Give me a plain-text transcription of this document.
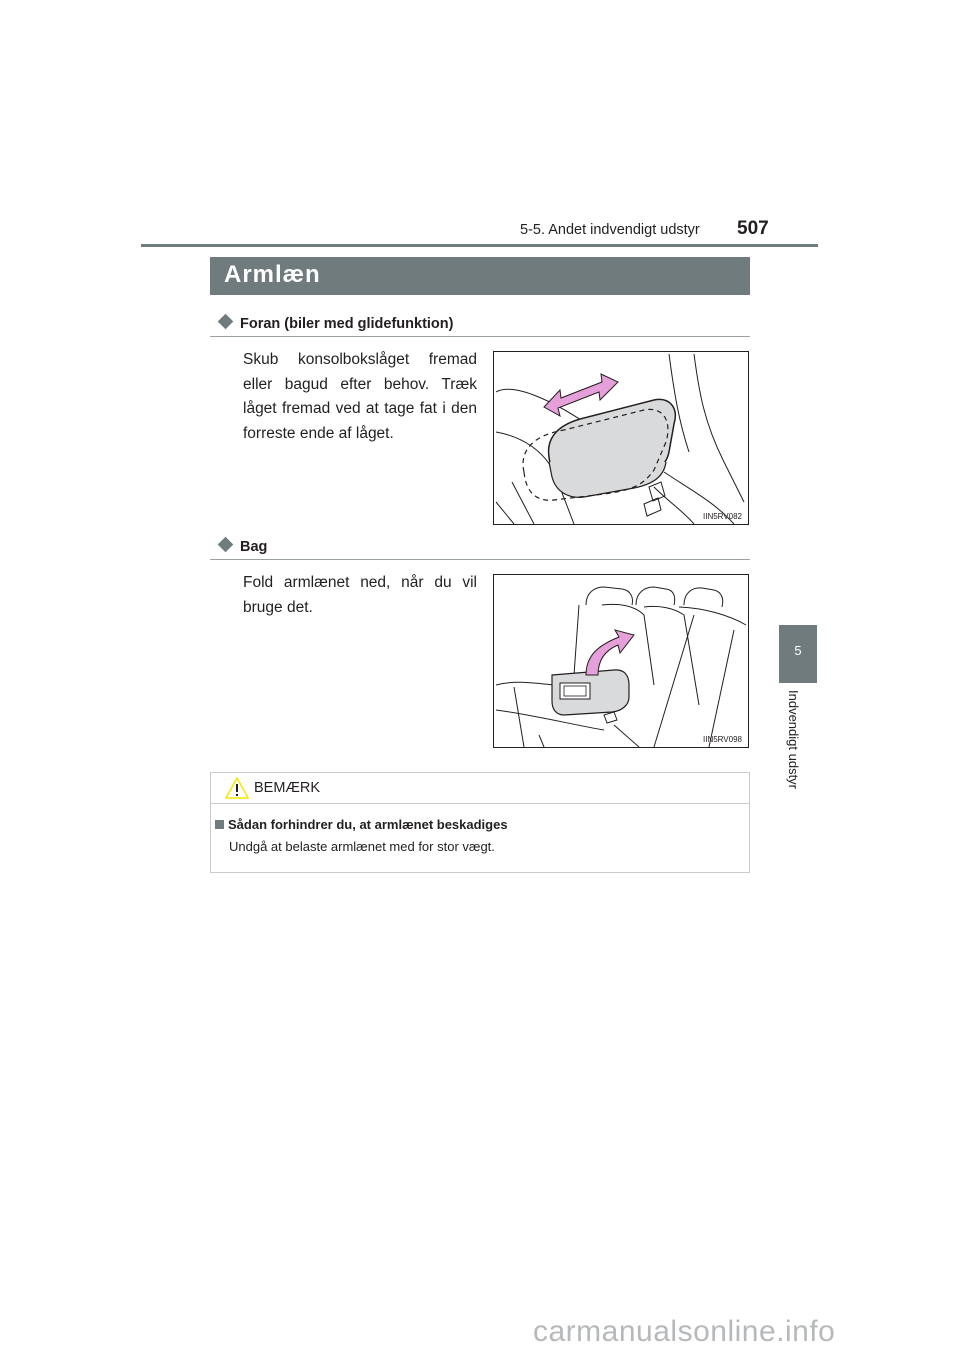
5-5. Andet indvendigt udstyr 507
5
Indvendigt udstyr
Armlæn
Foran (biler med glidefunktion)
Skub konsolbokslåget fremad eller bagud efter behov. Træk låget fremad ved at tage fat i den forreste ende af låget.
IIN5RV082
Bag
Fold armlænet ned, når du vil bruge det.
IIN5RV098
BEMÆRK
Sådan forhindrer du, at armlænet beskadiges
Undgå at belaste armlænet med for stor vægt.
carmanualsonline.info
